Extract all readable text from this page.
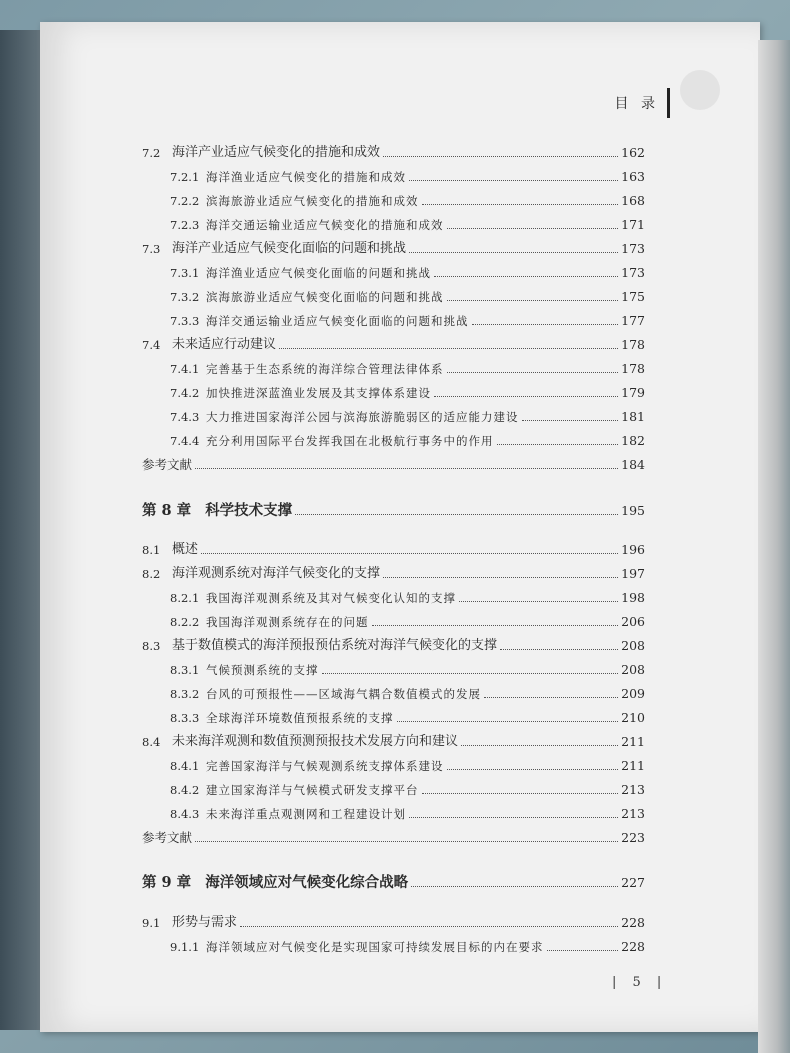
目 录
7.2 海洋产业适应气候变化的措施和成效	162
7.2.1 海洋渔业适应气候变化的措施和成效	163
7.2.2 滨海旅游业适应气候变化的措施和成效	168
7.2.3 海洋交通运输业适应气候变化的措施和成效	171
7.3 海洋产业适应气候变化面临的问题和挑战	173
7.3.1 海洋渔业适应气候变化面临的问题和挑战	173
7.3.2 滨海旅游业适应气候变化面临的问题和挑战	175
7.3.3 海洋交通运输业适应气候变化面临的问题和挑战	177
7.4 未来适应行动建议	178
7.4.1 完善基于生态系统的海洋综合管理法律体系	178
7.4.2 加快推进深蓝渔业发展及其支撑体系建设	179
7.4.3 大力推进国家海洋公园与滨海旅游脆弱区的适应能力建设	181
7.4.4 充分利用国际平台发挥我国在北极航行事务中的作用	182
参考文献	184
第 8 章 科学技术支撑	195
8.1 概述	196
8.2 海洋观测系统对海洋气候变化的支撑	197
8.2.1 我国海洋观测系统及其对气候变化认知的支撑	198
8.2.2 我国海洋观测系统存在的问题	206
8.3 基于数值模式的海洋预报预估系统对海洋气候变化的支撑	208
8.3.1 气候预测系统的支撑	208
8.3.2 台风的可预报性——区域海气耦合数值模式的发展	209
8.3.3 全球海洋环境数值预报系统的支撑	210
8.4 未来海洋观测和数值预测预报技术发展方向和建议	211
8.4.1 完善国家海洋与气候观测系统支撑体系建设	211
8.4.2 建立国家海洋与气候模式研发支撑平台	213
8.4.3 未来海洋重点观测网和工程建设计划	213
参考文献	223
第 9 章 海洋领域应对气候变化综合战略	227
9.1 形势与需求	228
9.1.1 海洋领域应对气候变化是实现国家可持续发展目标的内在要求	228
| 5 |
